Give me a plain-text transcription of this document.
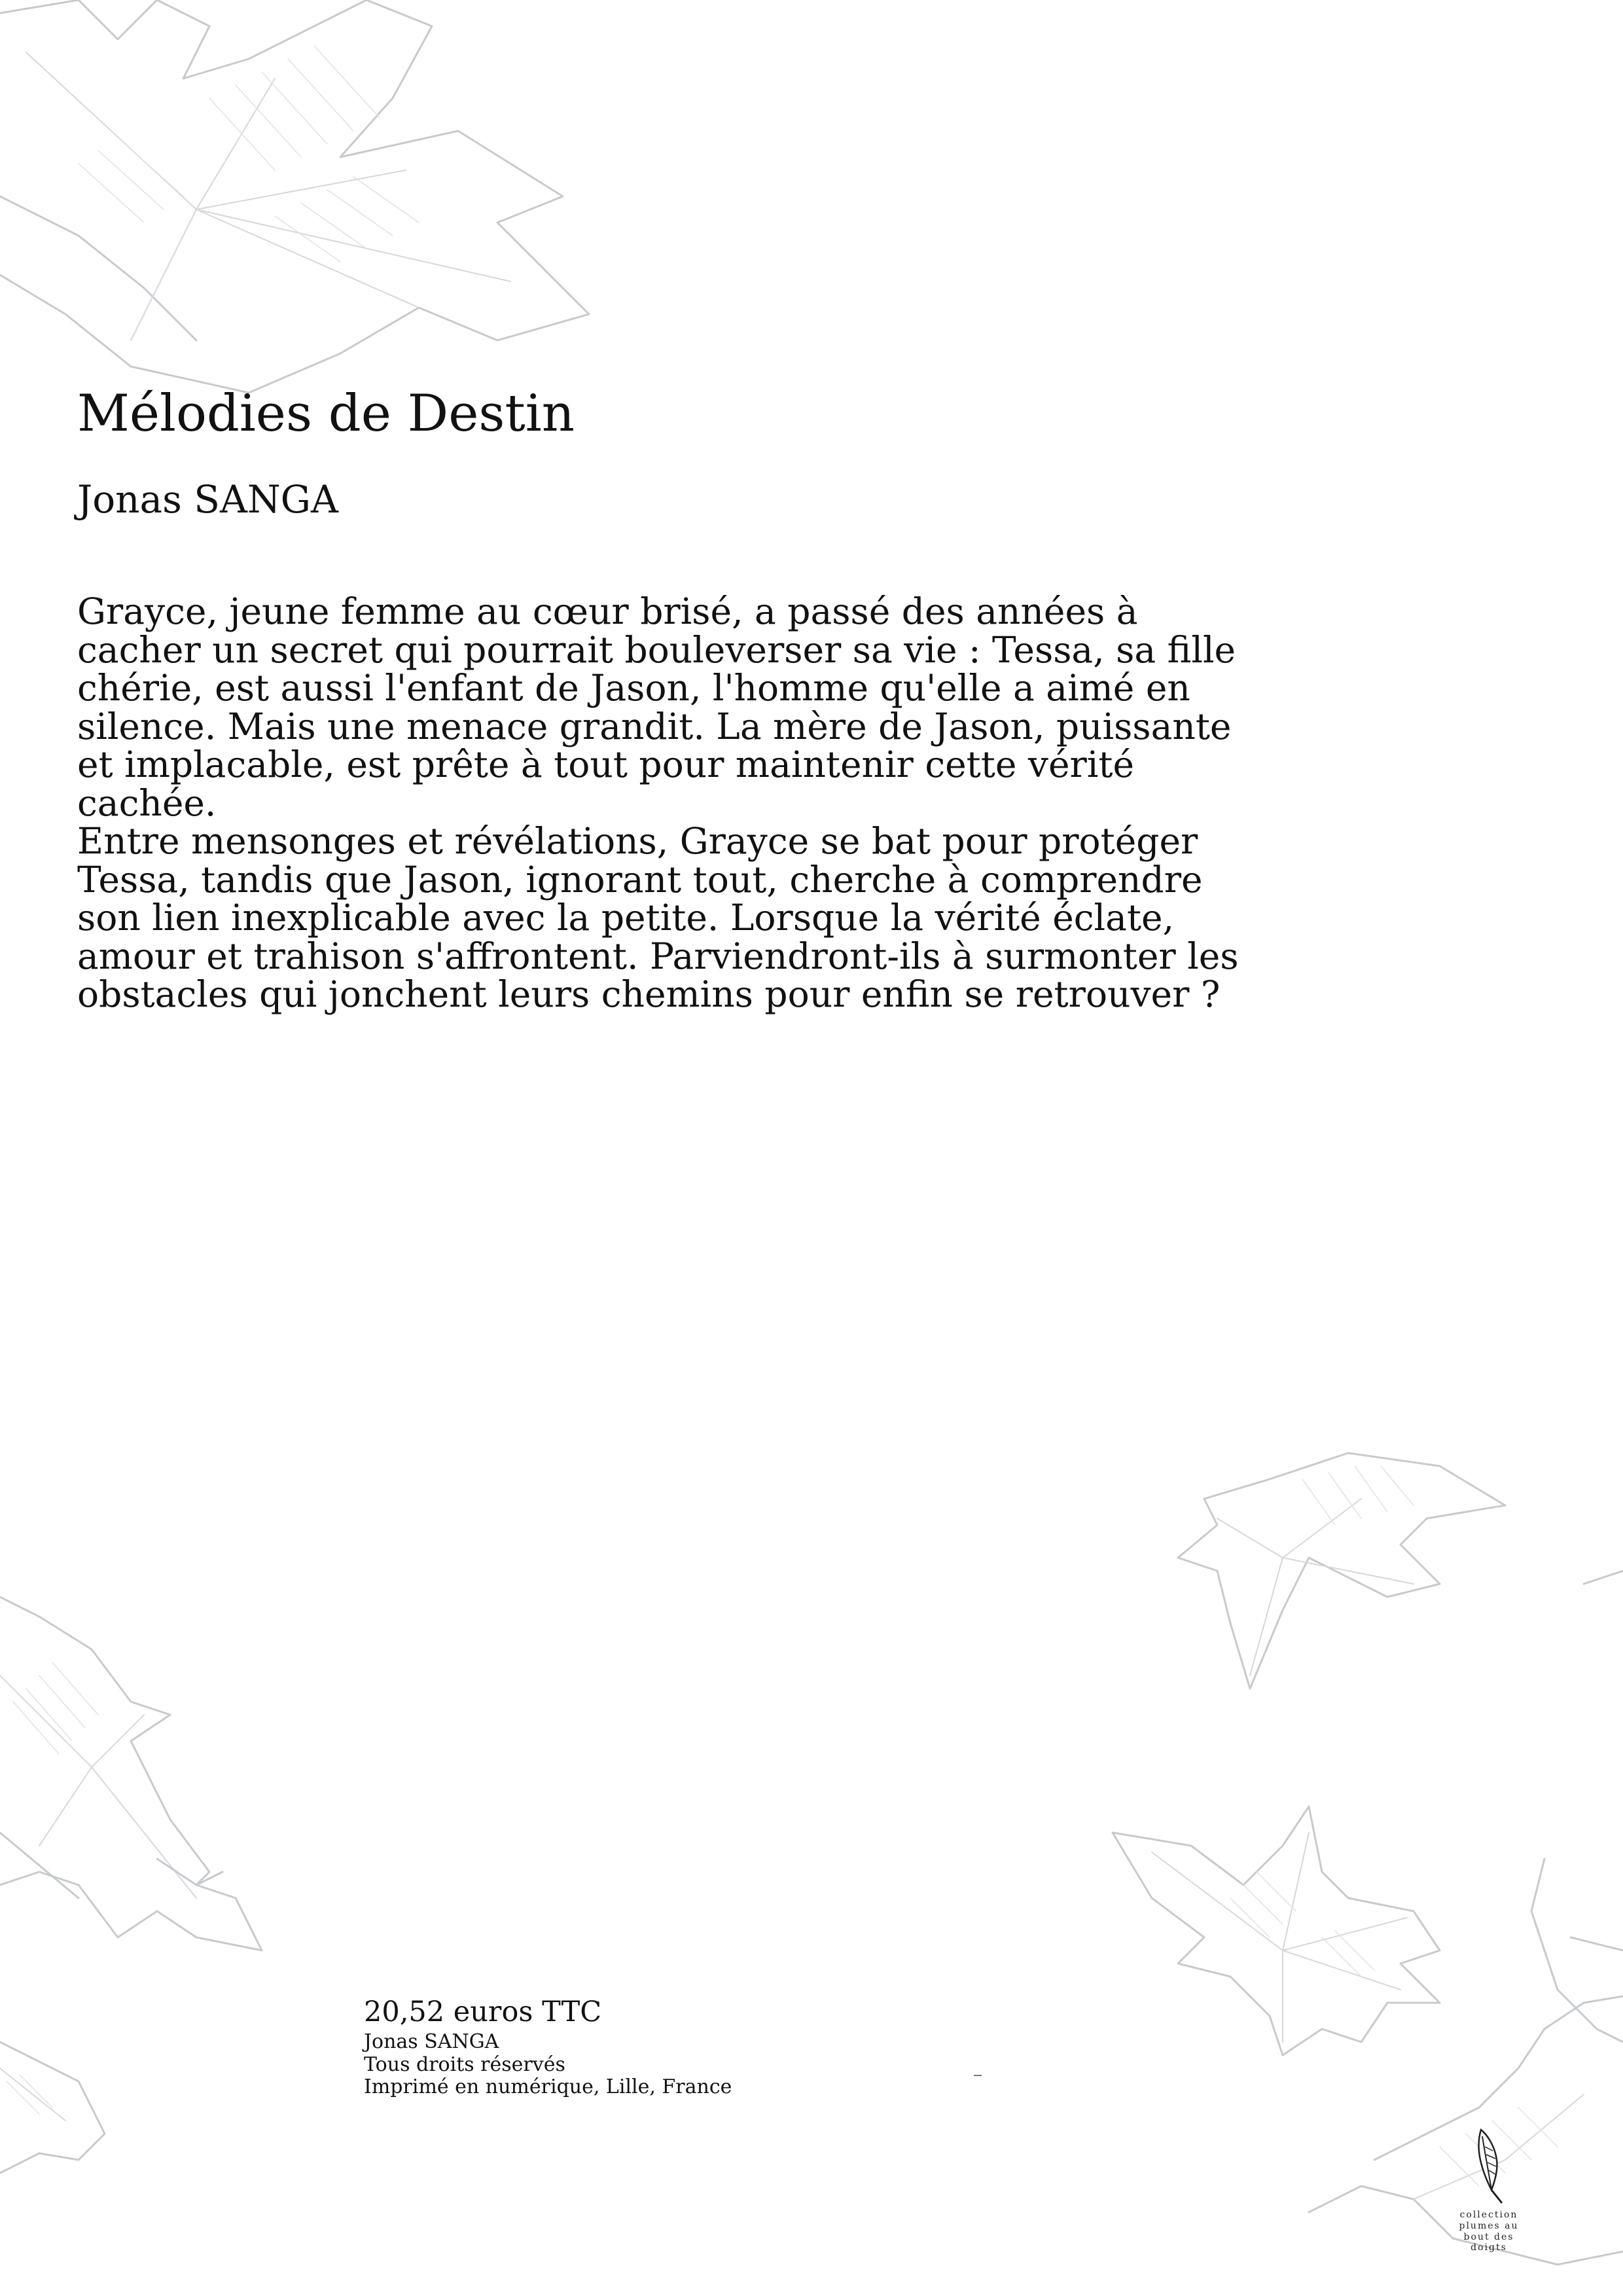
Mélodies de Destin
Jonas SANGA

Grayce, jeune femme au cœur brisé, a passé des années à cacher un secret qui pourrait bouleverser sa vie : Tessa, sa fille chérie, est aussi l'enfant de Jason, l'homme qu'elle a aimé en silence. Mais une menace grandit. La mère de Jason, puissante et implacable, est prête à tout pour maintenir cette vérité cachée.

Entre mensonges et révélations, Grayce se bat pour protéger Tessa, tandis que Jason, ignorant tout, cherche à comprendre son lien inexplicable avec la petite. Lorsque la vérité éclate, amour et trahison s'affrontent. Parviendront-ils à surmonter les obstacles qui jonchent leurs chemins pour enfin se retrouver ?

20,52 euros TTC
Jonas SANGA
Tous droits réservés
Imprimé en numérique, Lille, France
collection plumes au bout des doigts
